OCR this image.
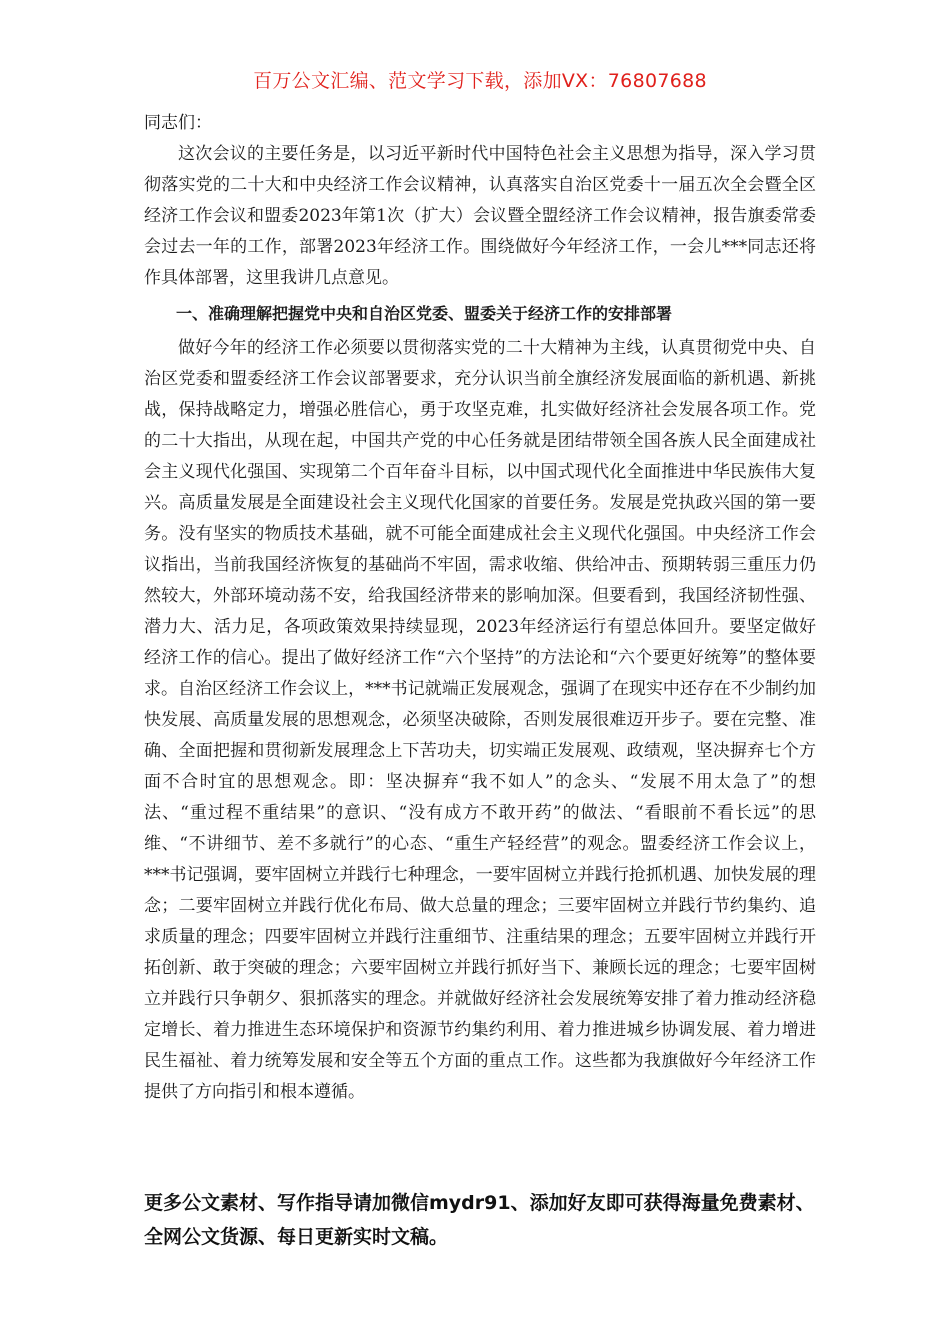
百万公文汇编、范文学习下载，添加VX：76807688

同志们：

这次会议的主要任务是，以习近平新时代中国特色社会主义思想为指导，深入学习贯彻落实党的二十大和中央经济工作会议精神，认真落实自治区党委十一届五次全会暨全区经济工作会议和盟委2023年第1次（扩大）会议暨全盟经济工作会议精神，报告旗委常委会过去一年的工作，部署2023年经济工作。围绕做好今年经济工作，一会儿***同志还将作具体部署，这里我讲几点意见。

一、准确理解把握党中央和自治区党委、盟委关于经济工作的安排部署

做好今年的经济工作必须要以贯彻落实党的二十大精神为主线，认真贯彻党中央、自治区党委和盟委经济工作会议部署要求，充分认识当前全旗经济发展面临的新机遇、新挑战，保持战略定力，增强必胜信心，勇于攻坚克难，扎实做好经济社会发展各项工作。党的二十大指出，从现在起，中国共产党的中心任务就是团结带领全国各族人民全面建成社会主义现代化强国、实现第二个百年奋斗目标，以中国式现代化全面推进中华民族伟大复兴。高质量发展是全面建设社会主义现代化国家的首要任务。发展是党执政兴国的第一要务。没有坚实的物质技术基础，就不可能全面建成社会主义现代化强国。中央经济工作会议指出，当前我国经济恢复的基础尚不牢固，需求收缩、供给冲击、预期转弱三重压力仍然较大，外部环境动荡不安，给我国经济带来的影响加深。但要看到，我国经济韧性强、潜力大、活力足，各项政策效果持续显现，2023年经济运行有望总体回升。要坚定做好经济工作的信心。提出了做好经济工作“六个坚持”的方法论和“六个要更好统筹”的整体要求。自治区经济工作会议上，***书记就端正发展观念，强调了在现实中还存在不少制约加快发展、高质量发展的思想观念，必须坚决破除，否则发展很难迈开步子。要在完整、准确、全面把握和贯彻新发展理念上下苦功夫，切实端正发展观、政绩观，坚决摒弃七个方面不合时宜的思想观念。即：坚决摒弃“我不如人”的念头、“发展不用太急了”的想法、“重过程不重结果”的意识、“没有成方不敢开药”的做法、“看眼前不看长远”的思维、“不讲细节、差不多就行”的心态、“重生产轻经营”的观念。盟委经济工作会议上，***书记强调，要牢固树立并践行七种理念，一要牢固树立并践行抢抓机遇、加快发展的理念；二要牢固树立并践行优化布局、做大总量的理念；三要牢固树立并践行节约集约、追求质量的理念；四要牢固树立并践行注重细节、注重结果的理念；五要牢固树立并践行开拓创新、敢于突破的理念；六要牢固树立并践行抓好当下、兼顾长远的理念；七要牢固树立并践行只争朝夕、狠抓落实的理念。并就做好经济社会发展统筹安排了着力推动经济稳定增长、着力推进生态环境保护和资源节约集约利用、着力推进城乡协调发展、着力增进民生福祉、着力统筹发展和安全等五个方面的重点工作。这些都为我旗做好今年经济工作提供了方向指引和根本遵循。

更多公文素材、写作指导请加微信mydr91、添加好友即可获得海量免费素材、全网公文货源、每日更新实时文稿。
